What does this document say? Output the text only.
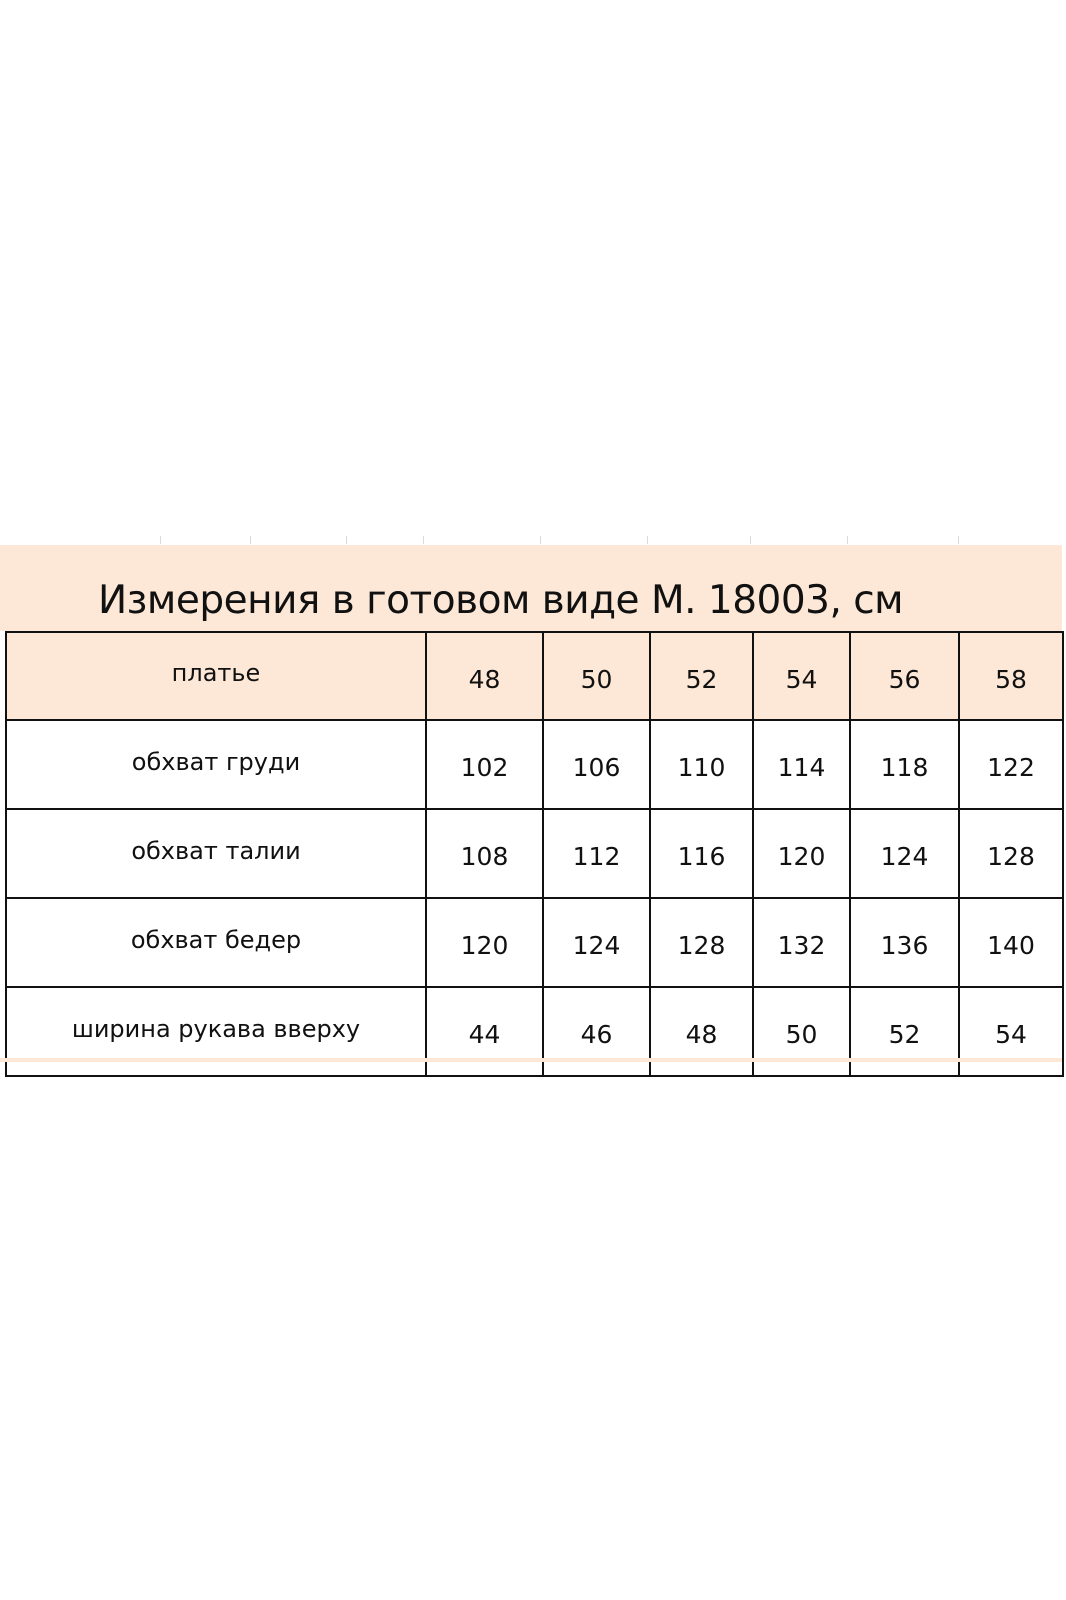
Измерения в готовом виде М. 18003, см
платье	48	50	52	54	56	58
обхват груди	102	106	110	114	118	122
обхват талии	108	112	116	120	124	128
обхват бедер	120	124	128	132	136	140
ширина рукава вверху	44	46	48	50	52	54
